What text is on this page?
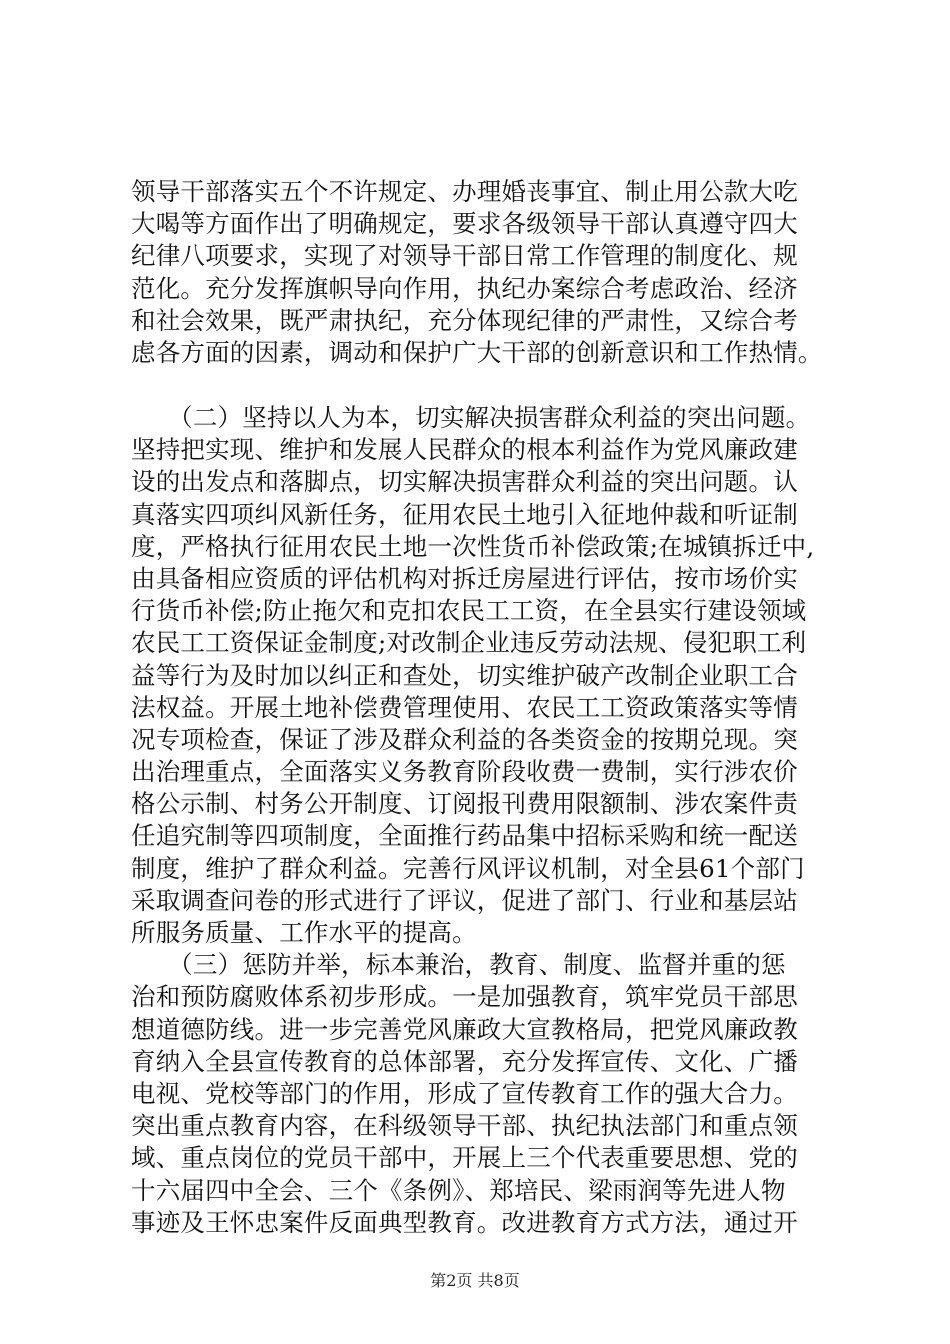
领导干部落实五个不许规定、办理婚丧事宜、制止用公款大吃
大喝等方面作出了明确规定，要求各级领导干部认真遵守四大
纪律八项要求，实现了对领导干部日常工作管理的制度化、规
范化。充分发挥旗帜导向作用，执纪办案综合考虑政治、经济
和社会效果，既严肃执纪，充分体现纪律的严肃性，又综合考
虑各方面的因素，调动和保护广大干部的创新意识和工作热情。
　　（二）坚持以人为本，切实解决损害群众利益的突出问题。
坚持把实现、维护和发展人民群众的根本利益作为党风廉政建
设的出发点和落脚点，切实解决损害群众利益的突出问题。认
真落实四项纠风新任务，征用农民土地引入征地仲裁和听证制
度，严格执行征用农民土地一次性货币补偿政策;在城镇拆迁中,
由具备相应资质的评估机构对拆迁房屋进行评估，按市场价实
行货币补偿;防止拖欠和克扣农民工工资，在全县实行建设领域
农民工工资保证金制度;对改制企业违反劳动法规、侵犯职工利
益等行为及时加以纠正和查处，切实维护破产改制企业职工合
法权益。开展土地补偿费管理使用、农民工工资政策落实等情
况专项检查，保证了涉及群众利益的各类资金的按期兑现。突
出治理重点，全面落实义务教育阶段收费一费制，实行涉农价
格公示制、村务公开制度、订阅报刊费用限额制、涉农案件责
任追究制等四项制度，全面推行药品集中招标采购和统一配送
制度，维护了群众利益。完善行风评议机制，对全县61个部门
采取调查问卷的形式进行了评议，促进了部门、行业和基层站
所服务质量、工作水平的提高。
　　（三）惩防并举，标本兼治，教育、制度、监督并重的惩
治和预防腐败体系初步形成。一是加强教育，筑牢党员干部思
想道德防线。进一步完善党风廉政大宣教格局，把党风廉政教
育纳入全县宣传教育的总体部署，充分发挥宣传、文化、广播
电视、党校等部门的作用，形成了宣传教育工作的强大合力。
突出重点教育内容，在科级领导干部、执纪执法部门和重点领
域、重点岗位的党员干部中，开展上三个代表重要思想、党的
十六届四中全会、三个《条例》、郑培民、梁雨润等先进人物
事迹及王怀忠案件反面典型教育。改进教育方式方法，通过开
第2页 共8页
